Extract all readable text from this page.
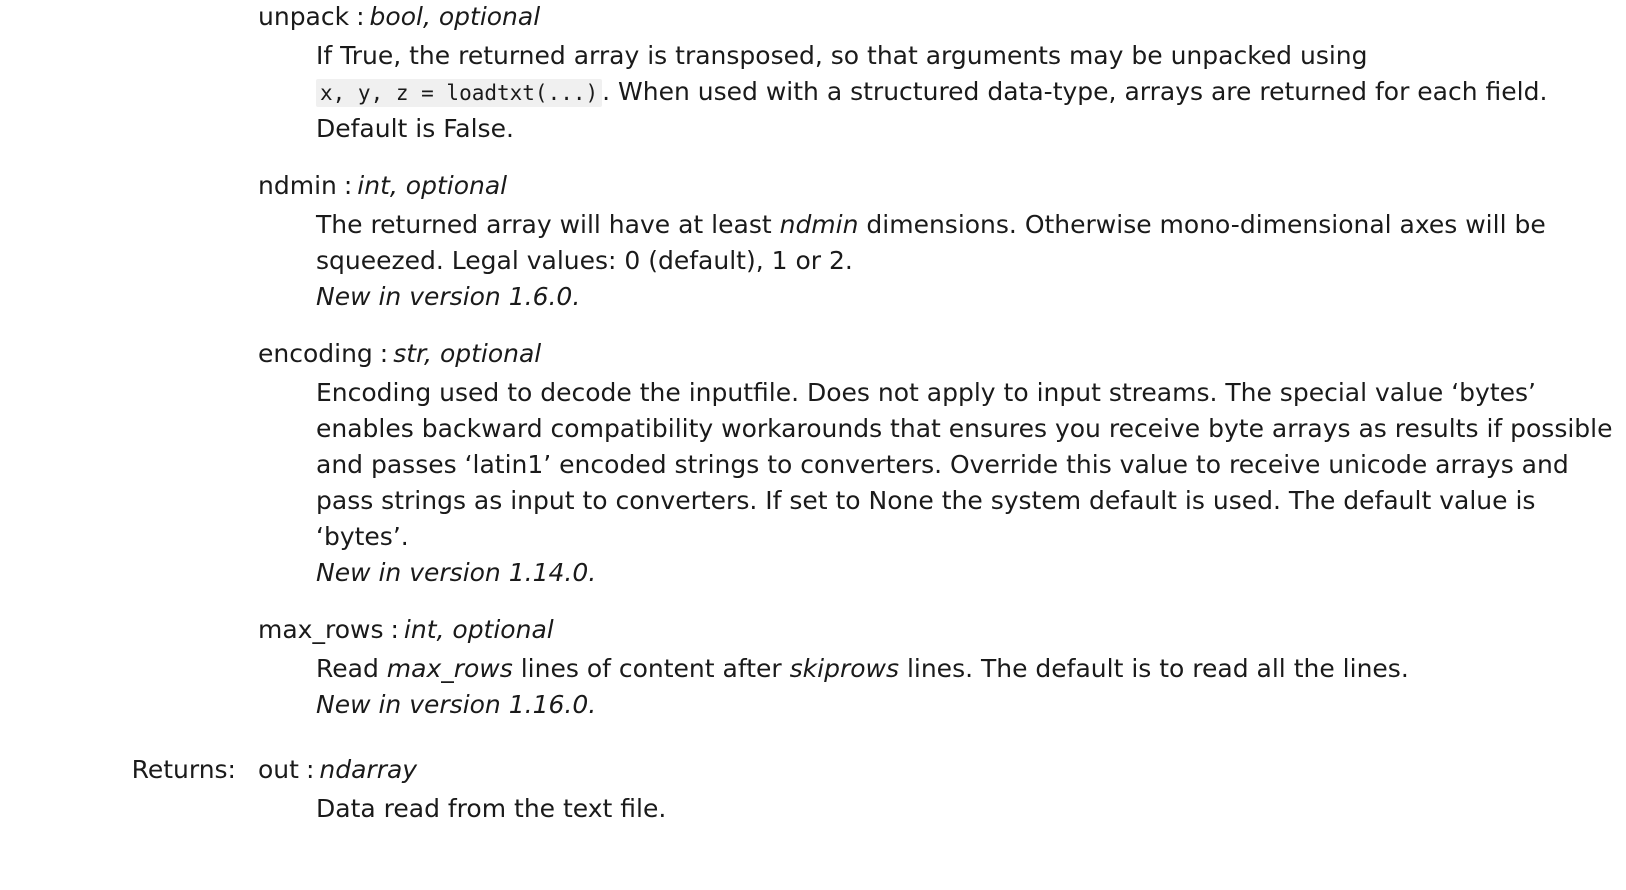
unpack : bool, optional
If True, the returned array is transposed, so that arguments may be unpacked using x, y, z = loadtxt(...) . When used with a structured data-type, arrays are returned for each field. Default is False.
ndmin : int, optional
The returned array will have at least ndmin dimensions. Otherwise mono-dimensional axes will be squeezed. Legal values: 0 (default), 1 or 2.
New in version 1.6.0.
encoding : str, optional
Encoding used to decode the inputfile. Does not apply to input streams. The special value ‘bytes’ enables backward compatibility workarounds that ensures you receive byte arrays as results if possible and passes ‘latin1’ encoded strings to converters. Override this value to receive unicode arrays and pass strings as input to converters. If set to None the system default is used. The default value is ‘bytes’.
New in version 1.14.0.
max_rows : int, optional
Read max_rows lines of content after skiprows lines. The default is to read all the lines.
New in version 1.16.0.
Returns: out : ndarray
Data read from the text file.
